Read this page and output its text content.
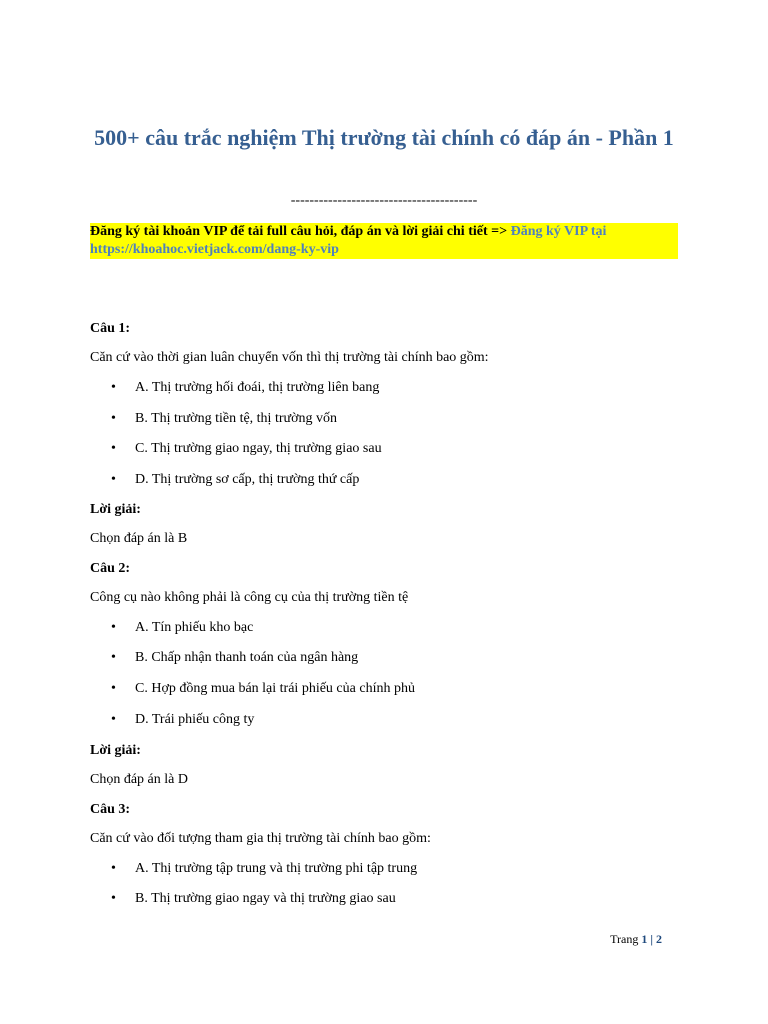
500+ câu trắc nghiệm Thị trường tài chính có đáp án - Phần 1
----------------------------------------
Đăng ký tài khoản VIP để tải full câu hỏi, đáp án và lời giải chi tiết => Đăng ký VIP tại https://khoahoc.vietjack.com/dang-ky-vip
Câu 1:
Căn cứ vào thời gian luân chuyển vốn thì thị trường tài chính bao gồm:
• A. Thị trường hối đoái, thị trường liên bang
• B. Thị trường tiền tệ, thị trường vốn
• C. Thị trường giao ngay, thị trường giao sau
• D. Thị trường sơ cấp, thị trường thứ cấp
Lời giải:
Chọn đáp án là B
Câu 2:
Công cụ nào không phải là công cụ của thị trường tiền tệ
• A. Tín phiếu kho bạc
• B. Chấp nhận thanh toán của ngân hàng
• C. Hợp đồng mua bán lại trái phiếu của chính phủ
• D. Trái phiếu công ty
Lời giải:
Chọn đáp án là D
Câu 3:
Căn cứ vào đối tượng tham gia thị trường tài chính bao gồm:
• A. Thị trường tập trung và thị trường phi tập trung
• B. Thị trường giao ngay và thị trường giao sau
Trang 1 | 2
